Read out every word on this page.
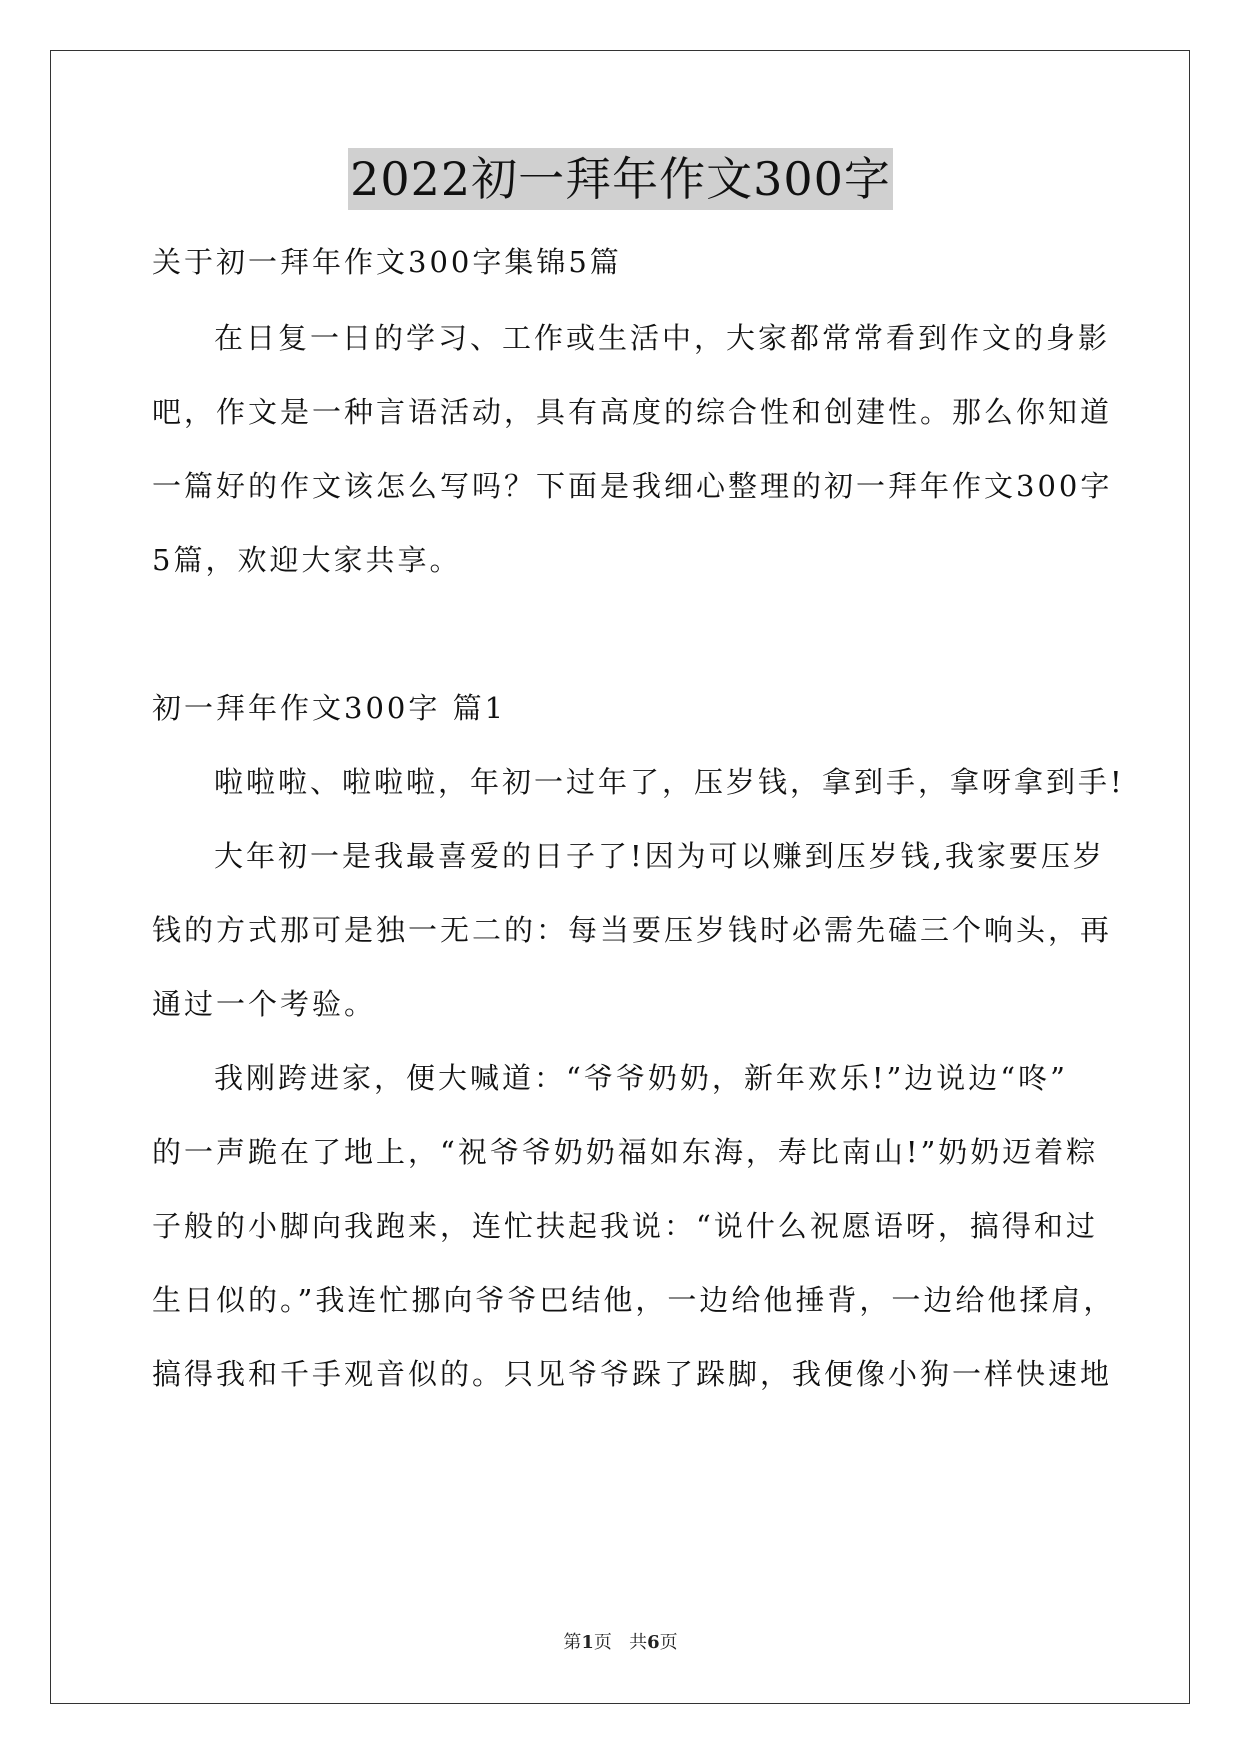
2022初一拜年作文300字
关于初一拜年作文300字集锦5篇
在日复一日的学习、工作或生活中，大家都常常看到作文的身影
吧，作文是一种言语活动，具有高度的综合性和创建性。那么你知道
一篇好的作文该怎么写吗？下面是我细心整理的初一拜年作文300字
5篇，欢迎大家共享。
初一拜年作文300字 篇1
啦啦啦、啦啦啦，年初一过年了，压岁钱，拿到手，拿呀拿到手!
大年初一是我最喜爱的日子了!因为可以赚到压岁钱,我家要压岁
钱的方式那可是独一无二的：每当要压岁钱时必需先磕三个响头，再
通过一个考验。
我刚跨进家，便大喊道：“爷爷奶奶，新年欢乐!”边说边“咚”
的一声跪在了地上，“祝爷爷奶奶福如东海，寿比南山!”奶奶迈着粽
子般的小脚向我跑来，连忙扶起我说：“说什么祝愿语呀，搞得和过
生日似的。”我连忙挪向爷爷巴结他，一边给他捶背，一边给他揉肩，
搞得我和千手观音似的。只见爷爷跺了跺脚，我便像小狗一样快速地
第1页 共6页
